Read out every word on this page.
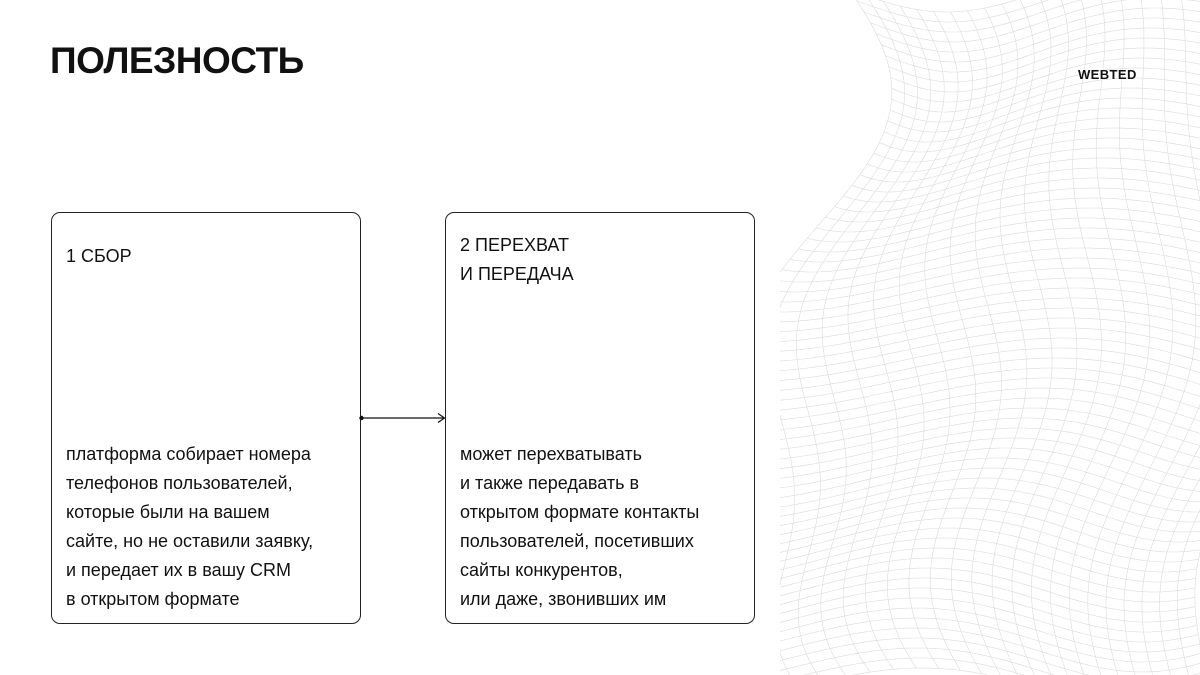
ПОЛЕЗНОСТЬ	WEBTED
1 СБОР
платформа собирает номера
телефонов пользователей,
которые были на вашем
сайте, но не оставили заявку,
и передает их в вашу CRM
в открытом формате
2 ПЕРЕХВАТ
И ПЕРЕДАЧА
может перехватывать
и также передавать в
открытом формате контакты
пользователей, посетивших
сайты конкурентов,
или даже, звонивших им
